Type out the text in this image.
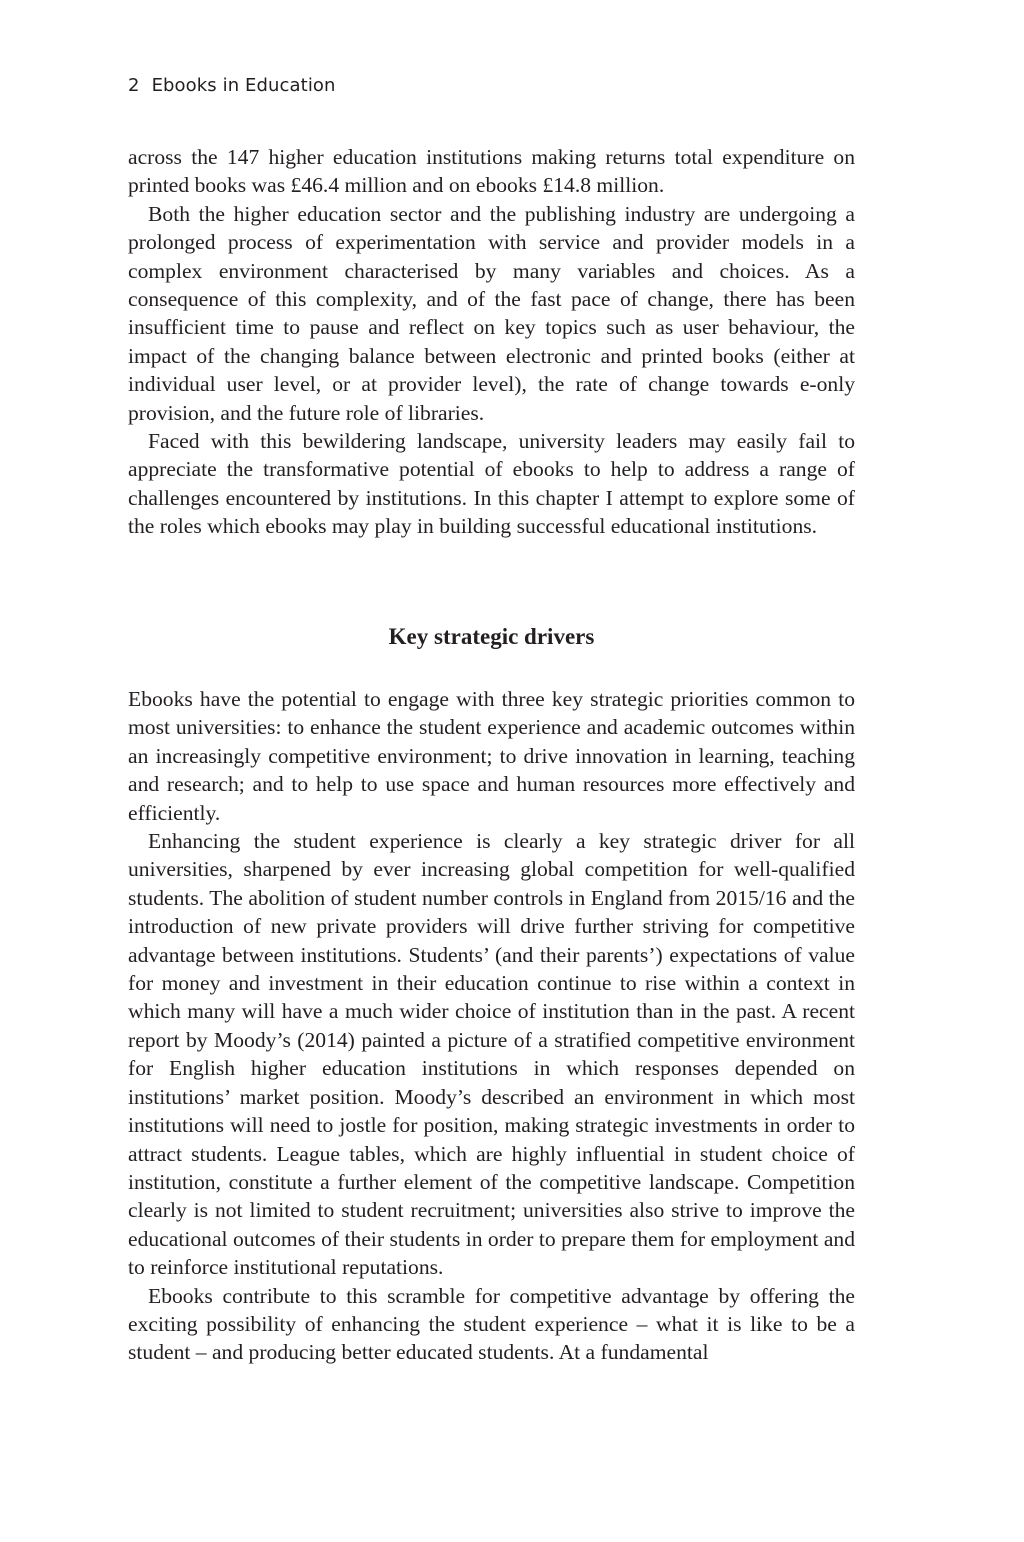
2 Ebooks in Education

across the 147 higher education institutions making returns total expenditure on printed books was £46.4 million and on ebooks £14.8 million.

Both the higher education sector and the publishing industry are undergoing a prolonged process of experimentation with service and provider models in a complex environment characterised by many variables and choices. As a consequence of this complexity, and of the fast pace of change, there has been insufficient time to pause and reflect on key topics such as user behaviour, the impact of the changing balance between electronic and printed books (either at individual user level, or at provider level), the rate of change towards e-only provision, and the future role of libraries.

Faced with this bewildering landscape, university leaders may easily fail to appreciate the transformative potential of ebooks to help to address a range of challenges encountered by institutions. In this chapter I attempt to explore some of the roles which ebooks may play in building successful educational institutions.

Key strategic drivers

Ebooks have the potential to engage with three key strategic priorities common to most universities: to enhance the student experience and academic outcomes within an increasingly competitive environment; to drive innovation in learning, teaching and research; and to help to use space and human resources more effectively and efficiently.

Enhancing the student experience is clearly a key strategic driver for all universities, sharpened by ever increasing global competition for well-qualified students. The abolition of student number controls in England from 2015/16 and the introduction of new private providers will drive further striving for competitive advantage between institutions. Students’ (and their parents’) expectations of value for money and investment in their education continue to rise within a context in which many will have a much wider choice of institution than in the past. A recent report by Moody’s (2014) painted a picture of a stratified competitive environment for English higher education institutions in which responses depended on institutions’ market position. Moody’s described an environment in which most institutions will need to jostle for position, making strategic investments in order to attract students. League tables, which are highly influential in student choice of institution, constitute a further element of the competitive landscape. Competition clearly is not limited to student recruitment; universities also strive to improve the educational outcomes of their students in order to prepare them for employment and to reinforce institutional reputations.

Ebooks contribute to this scramble for competitive advantage by offering the exciting possibility of enhancing the student experience – what it is like to be a student – and producing better educated students. At a fundamental
